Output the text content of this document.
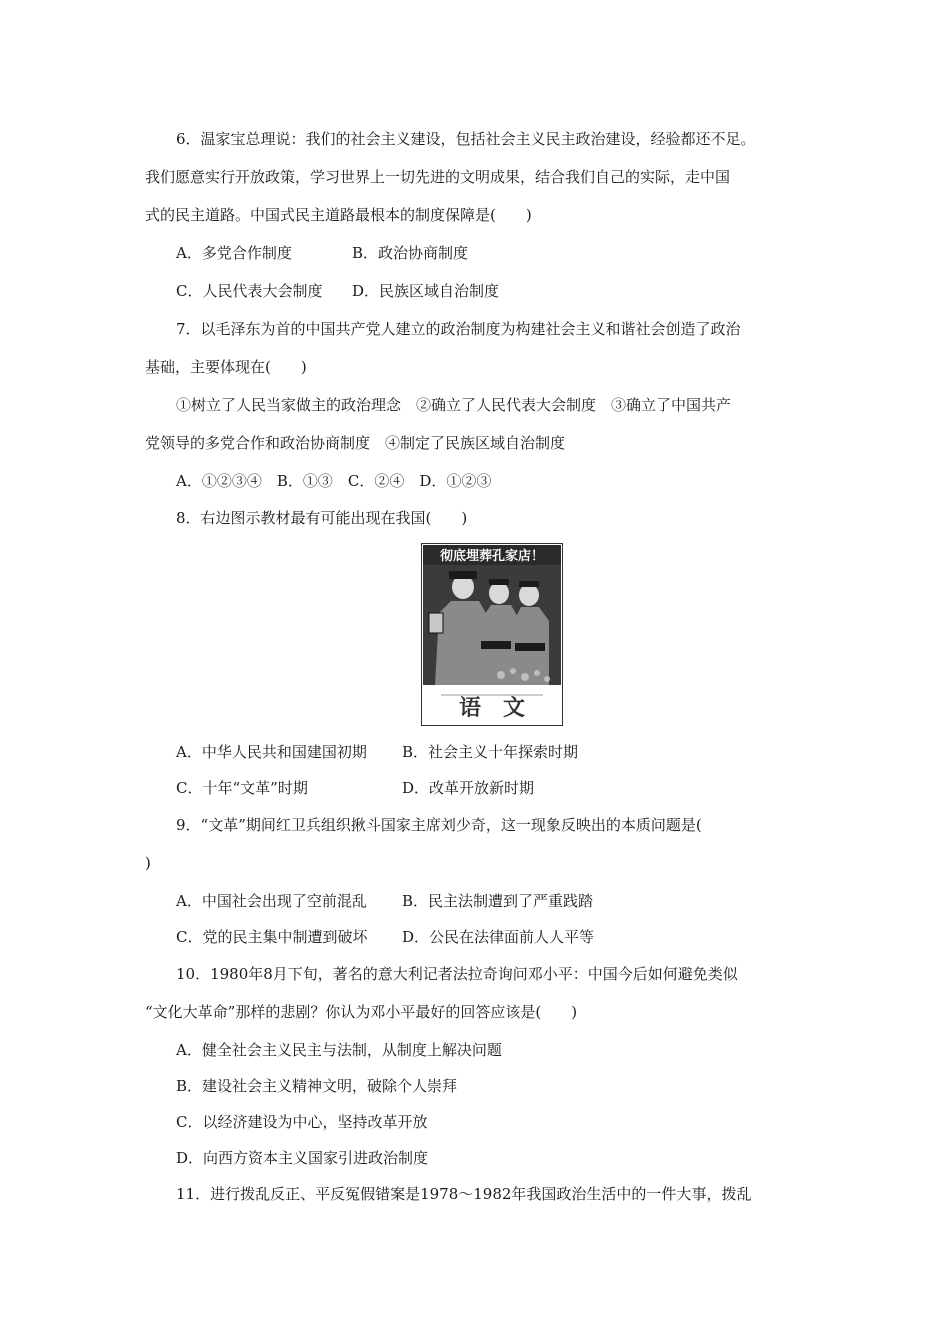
6．温家宝总理说：我们的社会主义建设，包括社会主义民主政治建设，经验都还不足。
我们愿意实行开放政策，学习世界上一切先进的文明成果，结合我们自己的实际，走中国
式的民主道路。中国式民主道路最根本的制度保障是(　　)
A．多党合作制度	B．政治协商制度
C．人民代表大会制度 D．民族区域自治制度
7．以毛泽东为首的中国共产党人建立的政治制度为构建社会主义和谐社会创造了政治
基础，主要体现在(　　)
①树立了人民当家做主的政治理念　②确立了人民代表大会制度　③确立了中国共产
党领导的多党合作和政治协商制度　④制定了民族区域自治制度
A．①②③④　B．①③　C．②④　D．①②③
8．右边图示教材最有可能出现在我国(　　)
彻底埋葬孔家店！
语　文
A．中华人民共和国建国初期 B．社会主义十年探索时期
C．十年“文革”时期	D．改革开放新时期
9．“文革”期间红卫兵组织揪斗国家主席刘少奇，这一现象反映出的本质问题是(
)
A．中国社会出现了空前混乱 B．民主法制遭到了严重践踏
C．党的民主集中制遭到破坏 D．公民在法律面前人人平等
10．1980年8月下旬，著名的意大利记者法拉奇询问邓小平：中国今后如何避免类似
“文化大革命”那样的悲剧？你认为邓小平最好的回答应该是(　　)
A．健全社会主义民主与法制，从制度上解决问题
B．建设社会主义精神文明，破除个人崇拜
C．以经济建设为中心，坚持改革开放
D．向西方资本主义国家引进政治制度
11．进行拨乱反正、平反冤假错案是1978～1982年我国政治生活中的一件大事，拨乱
